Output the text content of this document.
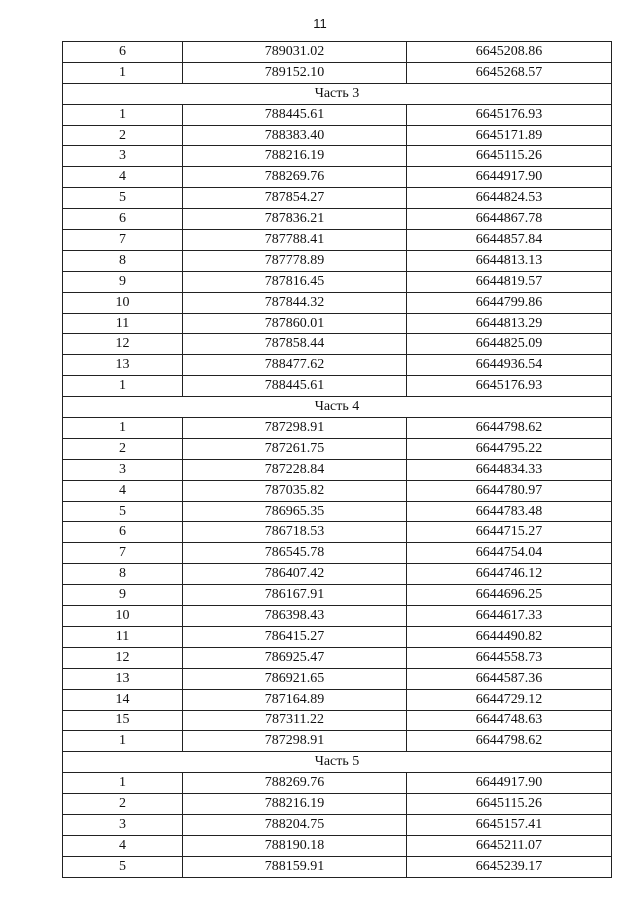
11
6	789031.02	6645208.86
1	789152.10	6645268.57
Часть 3		
1	788445.61	6645176.93
2	788383.40	6645171.89
3	788216.19	6645115.26
4	788269.76	6644917.90
5	787854.27	6644824.53
6	787836.21	6644867.78
7	787788.41	6644857.84
8	787778.89	6644813.13
9	787816.45	6644819.57
10	787844.32	6644799.86
11	787860.01	6644813.29
12	787858.44	6644825.09
13	788477.62	6644936.54
1	788445.61	6645176.93
Часть 4		
1	787298.91	6644798.62
2	787261.75	6644795.22
3	787228.84	6644834.33
4	787035.82	6644780.97
5	786965.35	6644783.48
6	786718.53	6644715.27
7	786545.78	6644754.04
8	786407.42	6644746.12
9	786167.91	6644696.25
10	786398.43	6644617.33
11	786415.27	6644490.82
12	786925.47	6644558.73
13	786921.65	6644587.36
14	787164.89	6644729.12
15	787311.22	6644748.63
1	787298.91	6644798.62
Часть 5		
1	788269.76	6644917.90
2	788216.19	6645115.26
3	788204.75	6645157.41
4	788190.18	6645211.07
5	788159.91	6645239.17
